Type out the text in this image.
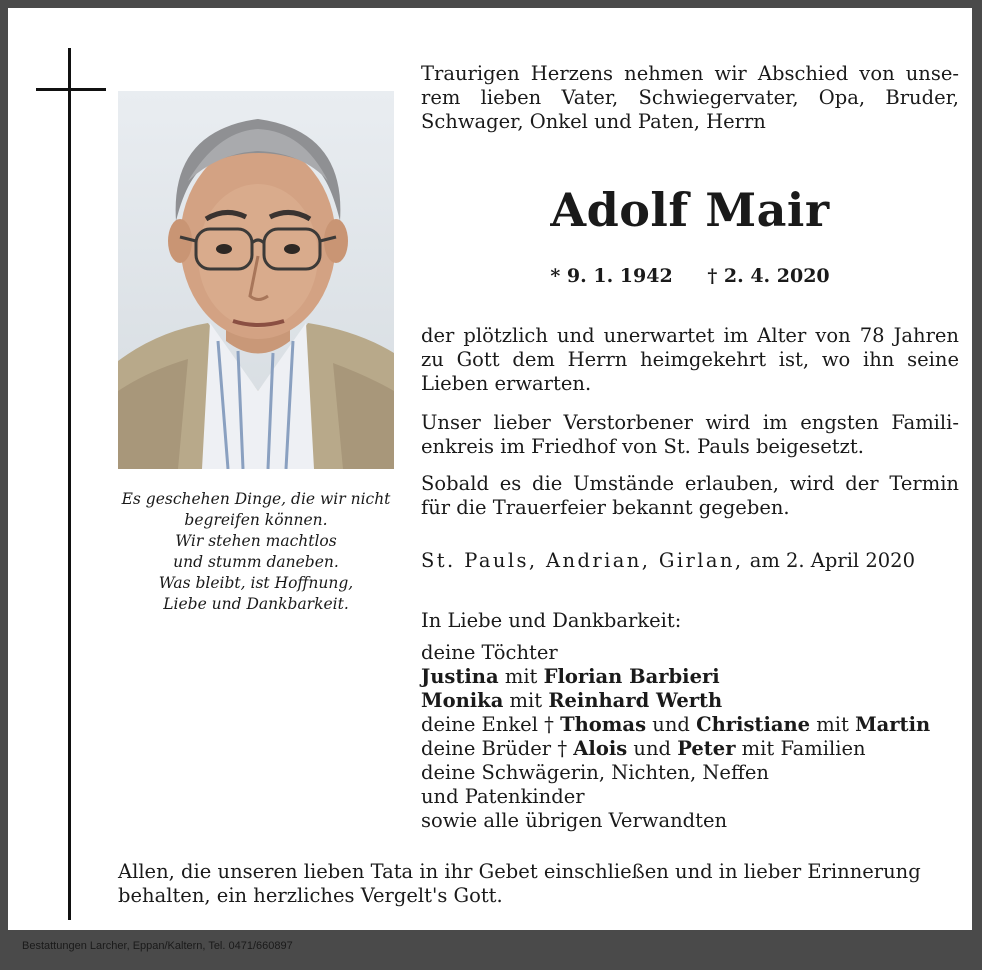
Es geschehen Dinge, die wir nicht
begreifen können.
Wir stehen machtlos
und stumm daneben.
Was bleibt, ist Hoffnung,
Liebe und Dankbarkeit.
Traurigen Herzens nehmen wir Abschied von unse-
rem lieben Vater, Schwiegervater, Opa, Bruder,
Schwager, Onkel und Paten, Herrn
Adolf Mair
* 9. 1. 1942 † 2. 4. 2020
der plötzlich und unerwartet im Alter von 78 Jahren
zu Gott dem Herrn heimgekehrt ist, wo ihn seine
Lieben erwarten.
Unser lieber Verstorbener wird im engsten Famili-
enkreis im Friedhof von St. Pauls beigesetzt.
Sobald es die Umstände erlauben, wird der Termin
für die Trauerfeier bekannt gegeben.
St. Pauls, Andrian, Girlan, am 2. April 2020
In Liebe und Dankbarkeit:
deine Töchter
Justina mit Florian Barbieri
Monika mit Reinhard Werth
deine Enkel † Thomas und Christiane mit Martin
deine Brüder † Alois und Peter mit Familien
deine Schwägerin, Nichten, Neffen
und Patenkinder
sowie alle übrigen Verwandten
Allen, die unseren lieben Tata in ihr Gebet einschließen und in lieber Erinnerung
behalten, ein herzliches Vergelt's Gott.
Bestattungen Larcher, Eppan/Kaltern, Tel. 0471/660897
